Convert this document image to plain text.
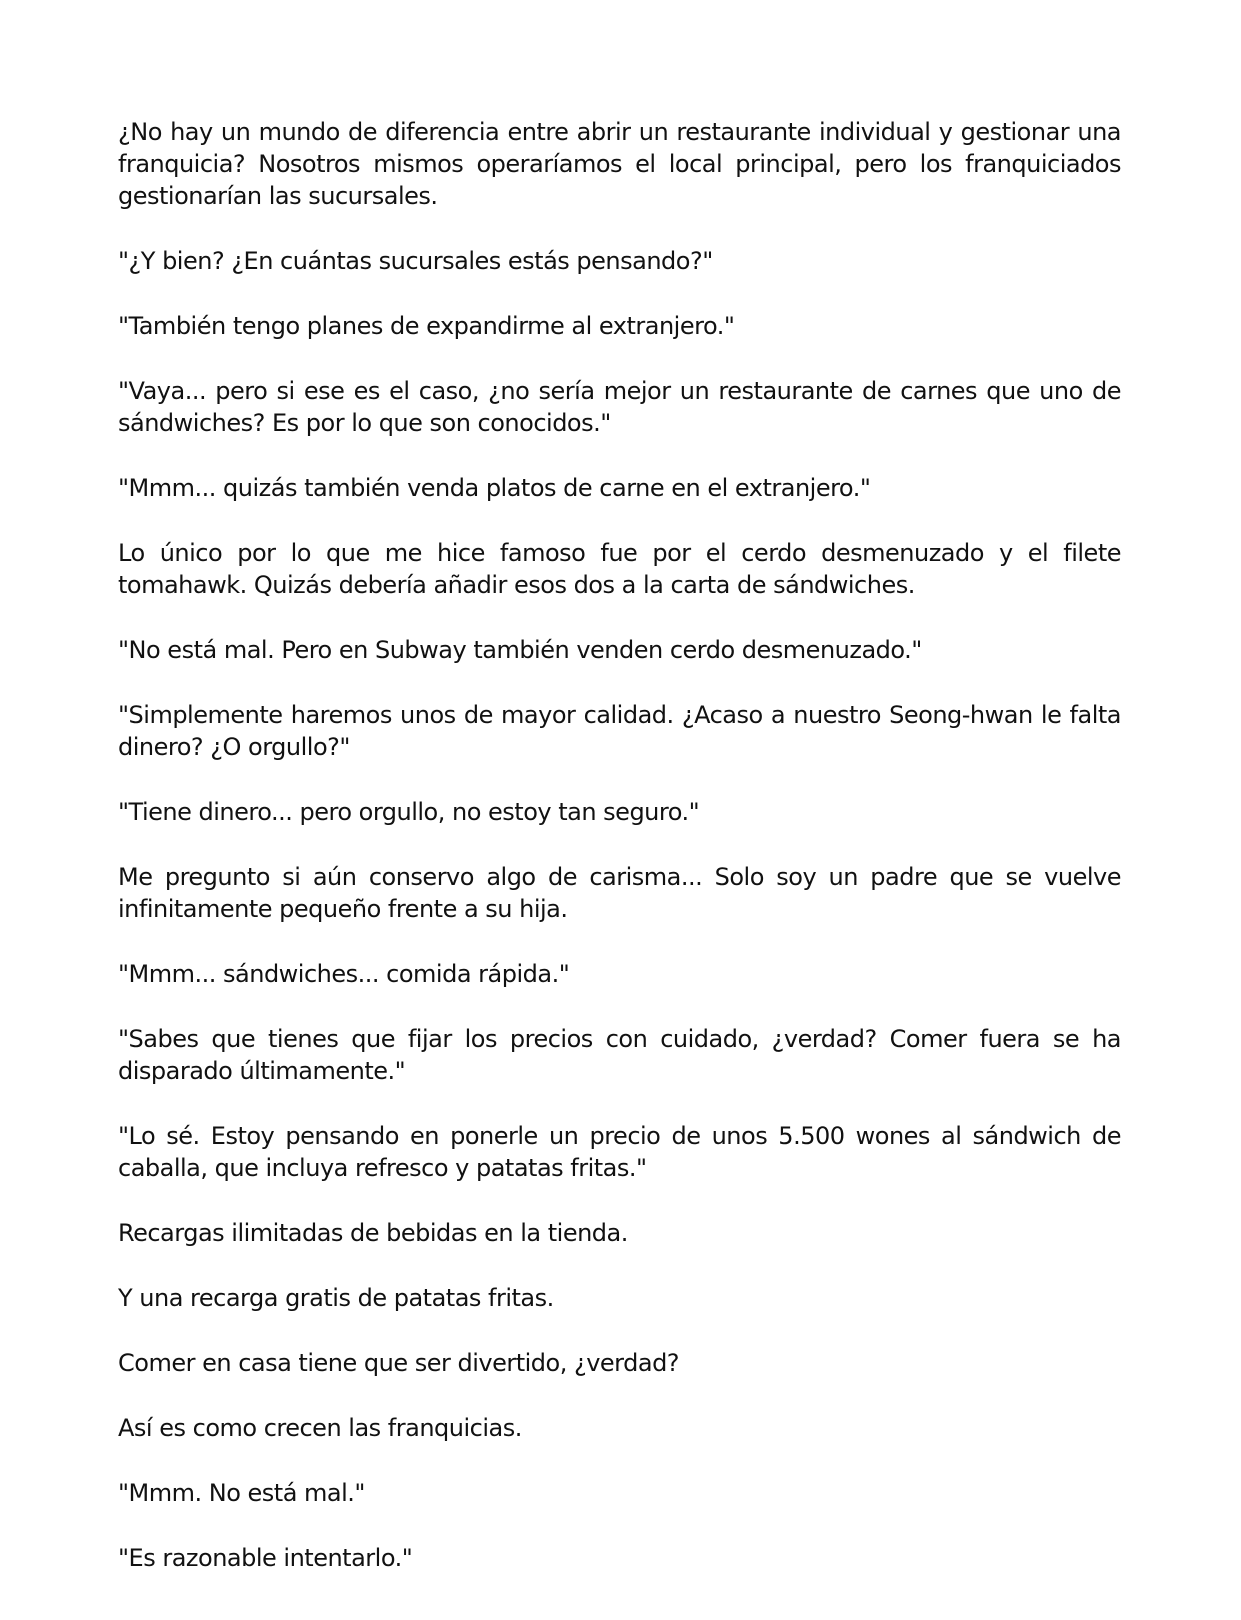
¿No hay un mundo de diferencia entre abrir un restaurante individual y gestionar una franquicia? Nosotros mismos operaríamos el local principal, pero los franquiciados gestionarían las sucursales.

"¿Y bien? ¿En cuántas sucursales estás pensando?"

"También tengo planes de expandirme al extranjero."

"Vaya... pero si ese es el caso, ¿no sería mejor un restaurante de carnes que uno de sándwiches? Es por lo que son conocidos."

"Mmm... quizás también venda platos de carne en el extranjero."

Lo único por lo que me hice famoso fue por el cerdo desmenuzado y el filete tomahawk. Quizás debería añadir esos dos a la carta de sándwiches.

"No está mal. Pero en Subway también venden cerdo desmenuzado."

"Simplemente haremos unos de mayor calidad. ¿Acaso a nuestro Seong-hwan le falta dinero? ¿O orgullo?"

"Tiene dinero... pero orgullo, no estoy tan seguro."

Me pregunto si aún conservo algo de carisma... Solo soy un padre que se vuelve infinitamente pequeño frente a su hija.

"Mmm... sándwiches... comida rápida."

"Sabes que tienes que fijar los precios con cuidado, ¿verdad? Comer fuera se ha disparado últimamente."

"Lo sé. Estoy pensando en ponerle un precio de unos 5.500 wones al sándwich de caballa, que incluya refresco y patatas fritas."

Recargas ilimitadas de bebidas en la tienda.

Y una recarga gratis de patatas fritas.

Comer en casa tiene que ser divertido, ¿verdad?

Así es como crecen las franquicias.

"Mmm. No está mal."

"Es razonable intentarlo."
